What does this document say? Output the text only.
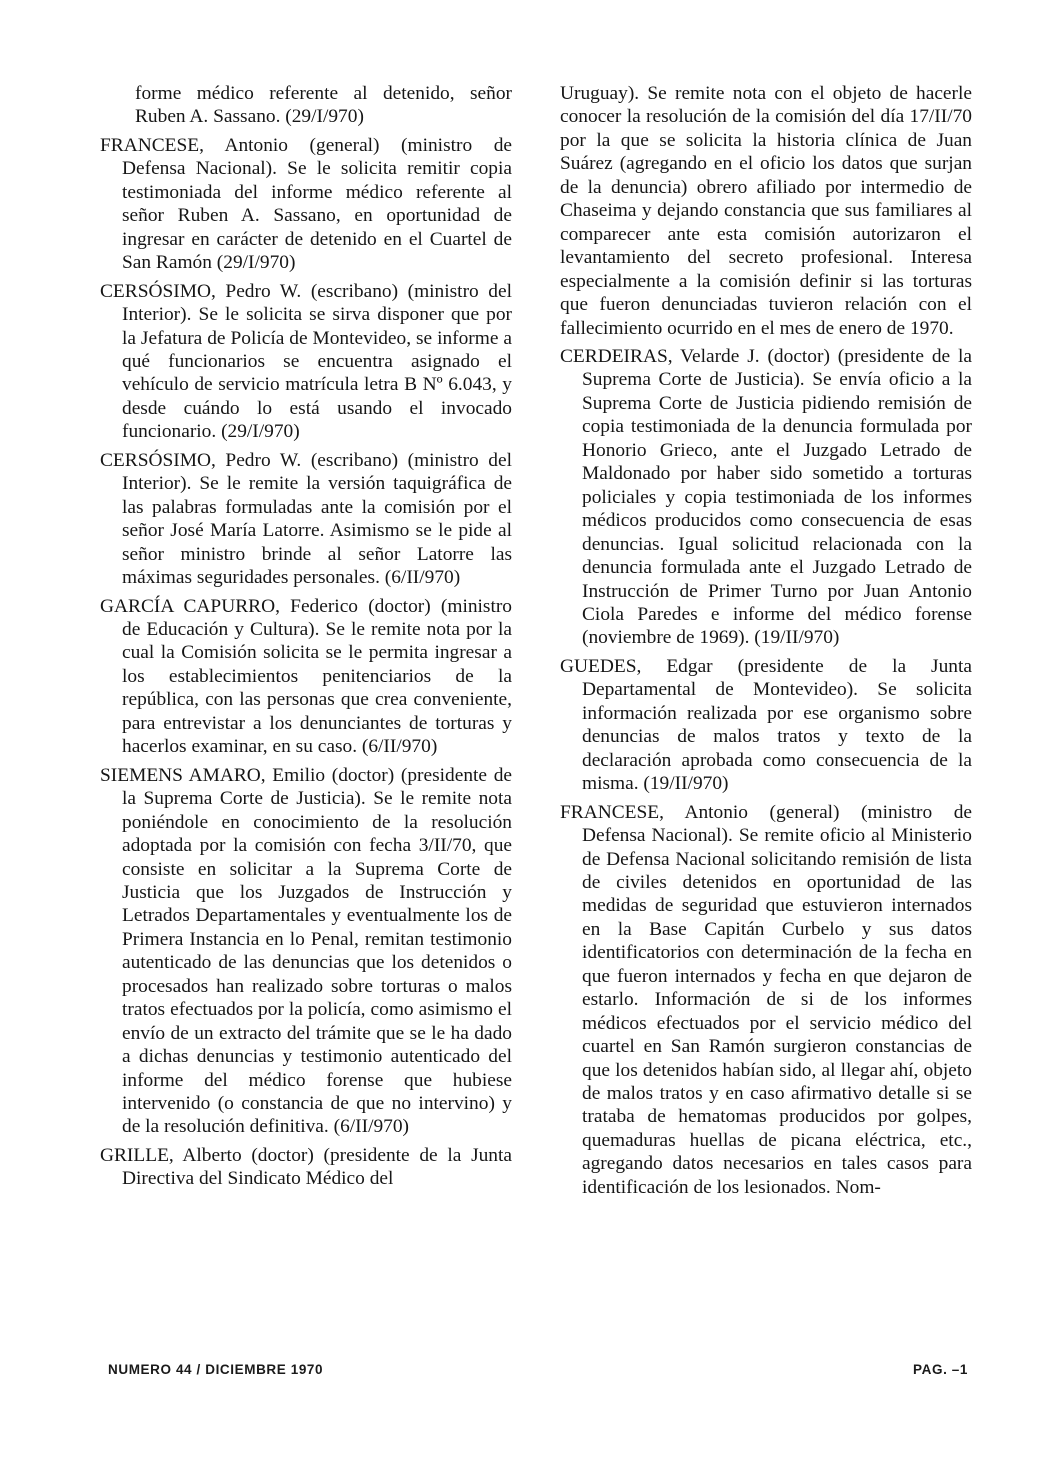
forme médico referente al detenido, señor Ruben A. Sassano. (29/I/970)

FRANCESE, Antonio (general) (ministro de Defensa Nacional). Se le solicita remitir copia testimoniada del informe médico referente al señor Ruben A. Sassano, en oportunidad de ingresar en carácter de detenido en el Cuartel de San Ramón (29/I/970)

CERSÓSIMO, Pedro W. (escribano) (ministro del Interior). Se le solicita se sirva disponer que por la Jefatura de Policía de Montevideo, se informe a qué funcionarios se encuentra asignado el vehículo de servicio matrícula letra B Nº 6.043, y desde cuándo lo está usando el invocado funcionario. (29/I/970)

CERSÓSIMO, Pedro W. (escribano) (ministro del Interior). Se le remite la versión taquigráfica de las palabras formuladas ante la comisión por el señor José María Latorre. Asimismo se le pide al señor ministro brinde al señor Latorre las máximas seguridades personales. (6/II/970)

GARCÍA CAPURRO, Federico (doctor) (ministro de Educación y Cultura). Se le remite nota por la cual la Comisión solicita se le permita ingresar a los establecimientos penitenciarios de la república, con las personas que crea conveniente, para entrevistar a los denunciantes de torturas y hacerlos examinar, en su caso. (6/II/970)

SIEMENS AMARO, Emilio (doctor) (presidente de la Suprema Corte de Justicia). Se le remite nota poniéndole en conocimiento de la resolución adoptada por la comisión con fecha 3/II/70, que consiste en solicitar a la Suprema Corte de Justicia que los Juzgados de Instrucción y Letrados Departamentales y eventualmente los de Primera Instancia en lo Penal, remitan testimonio autenticado de las denuncias que los detenidos o procesados han realizado sobre torturas o malos tratos efectuados por la policía, como asimismo el envío de un extracto del trámite que se le ha dado a dichas denuncias y testimonio autenticado del informe del médico forense que hubiese intervenido (o constancia de que no intervino) y de la resolución definitiva. (6/II/970)

GRILLE, Alberto (doctor) (presidente de la Junta Directiva del Sindicato Médico del

Uruguay). Se remite nota con el objeto de hacerle conocer la resolución de la comisión del día 17/II/70 por la que se solicita la historia clínica de Juan Suárez (agregando en el oficio los datos que surjan de la denuncia) obrero afiliado por intermedio de Chaseima y dejando constancia que sus familiares al comparecer ante esta comisión autorizaron el levantamiento del secreto profesional. Interesa especialmente a la comisión definir si las torturas que fueron denunciadas tuvieron relación con el fallecimiento ocurrido en el mes de enero de 1970.

CERDEIRAS, Velarde J. (doctor) (presidente de la Suprema Corte de Justicia). Se envía oficio a la Suprema Corte de Justicia pidiendo remisión de copia testimoniada de la denuncia formulada por Honorio Grieco, ante el Juzgado Letrado de Maldonado por haber sido sometido a torturas policiales y copia testimoniada de los informes médicos producidos como consecuencia de esas denuncias. Igual solicitud relacionada con la denuncia formulada ante el Juzgado Letrado de Instrucción de Primer Turno por Juan Antonio Ciola Paredes e informe del médico forense (noviembre de 1969). (19/II/970)

GUEDES, Edgar (presidente de la Junta Departamental de Montevideo). Se solicita información realizada por ese organismo sobre denuncias de malos tratos y texto de la declaración aprobada como consecuencia de la misma. (19/II/970)

FRANCESE, Antonio (general) (ministro de Defensa Nacional). Se remite oficio al Ministerio de Defensa Nacional solicitando remisión de lista de civiles detenidos en oportunidad de las medidas de seguridad que estuvieron internados en la Base Capitán Curbelo y sus datos identificatorios con determinación de la fecha en que fueron internados y fecha en que dejaron de estarlo. Información de si de los informes médicos efectuados por el servicio médico del cuartel en San Ramón surgieron constancias de que los detenidos habían sido, al llegar ahí, objeto de malos tratos y en caso afirmativo detalle si se trataba de hematomas producidos por golpes, quemaduras huellas de picana eléctrica, etc., agregando datos necesarios en tales casos para identificación de los lesionados. Nom-

NUMERO 44 / DICIEMBRE 1970	PAG. –1
